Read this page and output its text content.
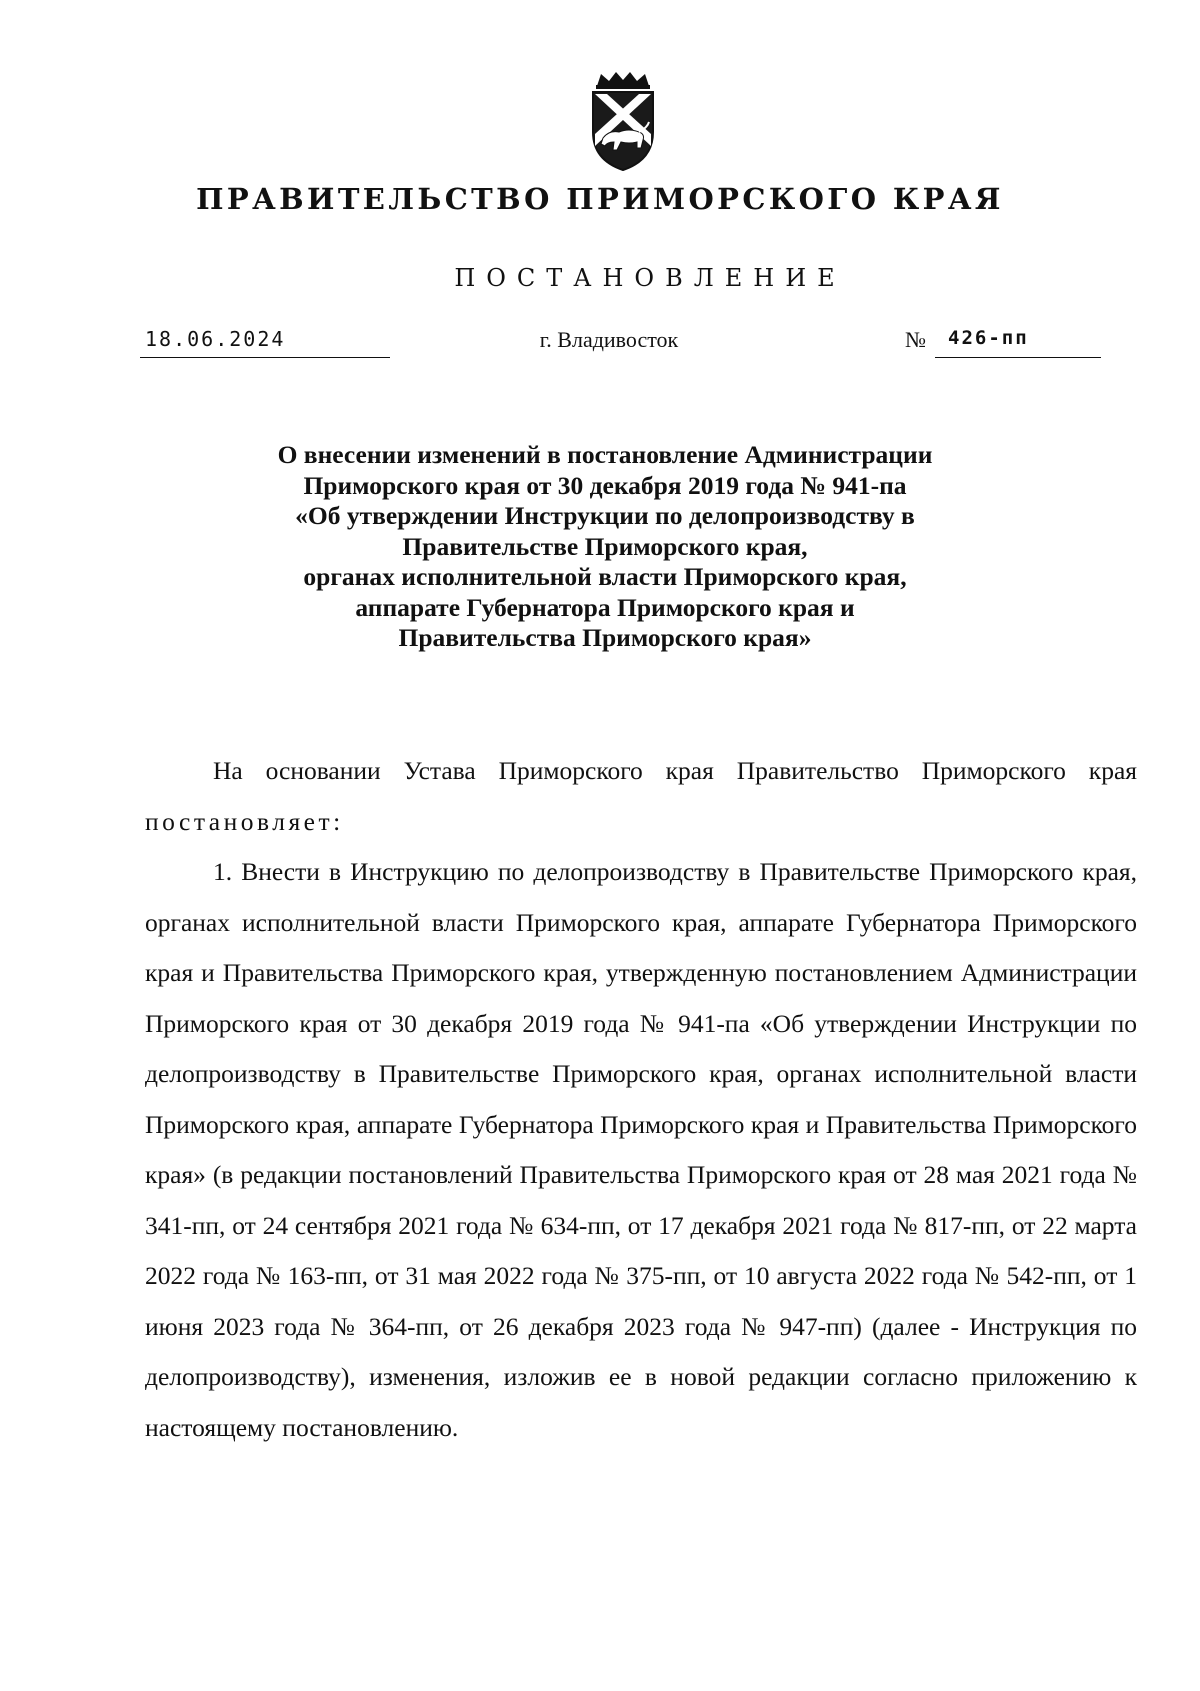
ПРАВИТЕЛЬСТВО ПРИМОРСКОГО КРАЯ
ПОСТАНОВЛЕНИЕ
18.06.2024	г. Владивосток	№ 426-пп
О внесении изменений в постановление Администрации
Приморского края от 30 декабря 2019 года № 941-па
«Об утверждении Инструкции по делопроизводству в
Правительстве Приморского края,
органах исполнительной власти Приморского края,
аппарате Губернатора Приморского края и
Правительства Приморского края»

На основании Устава Приморского края Правительство Приморского края постановляет:

1. Внести в Инструкцию по делопроизводству в Правительстве Приморского края, органах исполнительной власти Приморского края, аппарате Губернатора Приморского края и Правительства Приморского края, утвержденную постановлением Администрации Приморского края от 30 декабря 2019 года № 941-па «Об утверждении Инструкции по делопроизводству в Правительстве Приморского края, органах исполнительной власти Приморского края, аппарате Губернатора Приморского края и Правительства Приморского края» (в редакции постановлений Правительства Приморского края от 28 мая 2021 года № 341-пп, от 24 сентября 2021 года № 634-пп, от 17 декабря 2021 года № 817-пп, от 22 марта 2022 года № 163-пп, от 31 мая 2022 года № 375-пп, от 10 августа 2022 года № 542-пп, от 1 июня 2023 года № 364-пп, от 26 декабря 2023 года № 947-пп) (далее - Инструкция по делопроизводству), изменения, изложив ее в новой редакции согласно приложению к настоящему постановлению.
